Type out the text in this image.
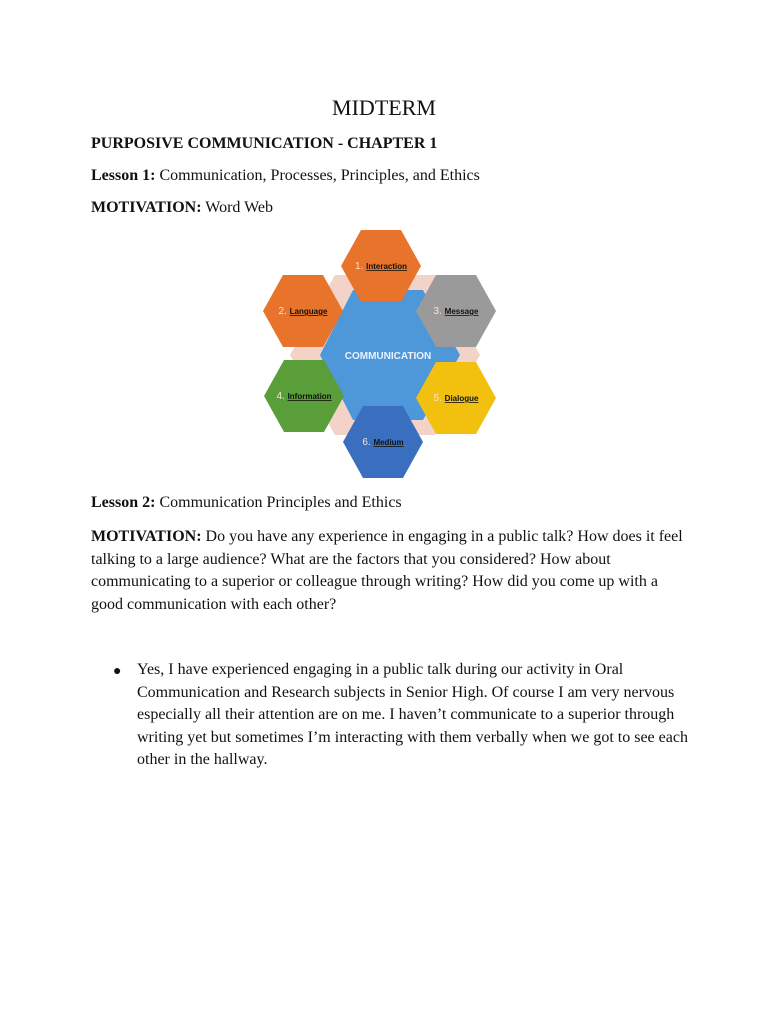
MIDTERM
PURPOSIVE COMMUNICATION - CHAPTER 1
Lesson 1: Communication, Processes, Principles, and Ethics
MOTIVATION: Word Web
COMMUNICATION
1. Interaction
2. Language	3. Message
4. Information	5. Dialogue
6. Medium
Lesson 2: Communication Principles and Ethics
MOTIVATION: Do you have any experience in engaging in a public talk? How does it feel talking to a large audience? What are the factors that you considered? How about communicating to a superior or colleague through writing? How did you come up with a good communication with each other?
● Yes, I have experienced engaging in a public talk during our activity in Oral Communication and Research subjects in Senior High. Of course I am very nervous especially all their attention are on me. I haven’t communicate to a superior through writing yet but sometimes I’m interacting with them verbally when we got to see each other in the hallway.
